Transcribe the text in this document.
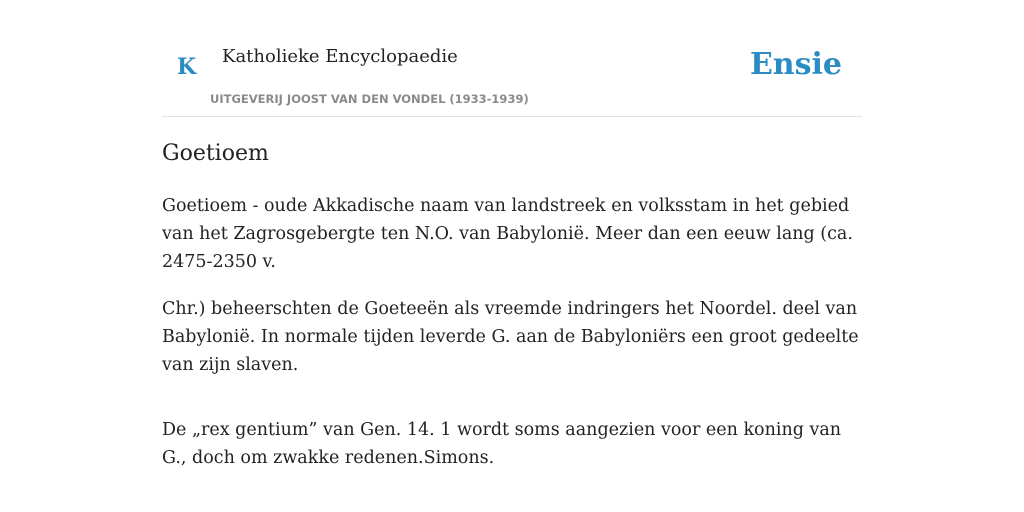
K Katholieke Encyclopaedie
UITGEVERIJ JOOST VAN DEN VONDEL (1933-1939)
Ensie
Goetioem

Goetioem - oude Akkadische naam van landstreek en volksstam in het gebied van het Zagrosgebergte ten N.O. van Babylonië. Meer dan een eeuw lang (ca. 2475-2350 v.

Chr.) beheerschten de Goeteeën als vreemde indringers het Noordel. deel van Babylonië. In normale tijden leverde G. aan de Babyloniërs een groot gedeelte van zijn slaven.

De „rex gentium” van Gen. 14. 1 wordt soms aangezien voor een koning van G., doch om zwakke redenen.Simons.
